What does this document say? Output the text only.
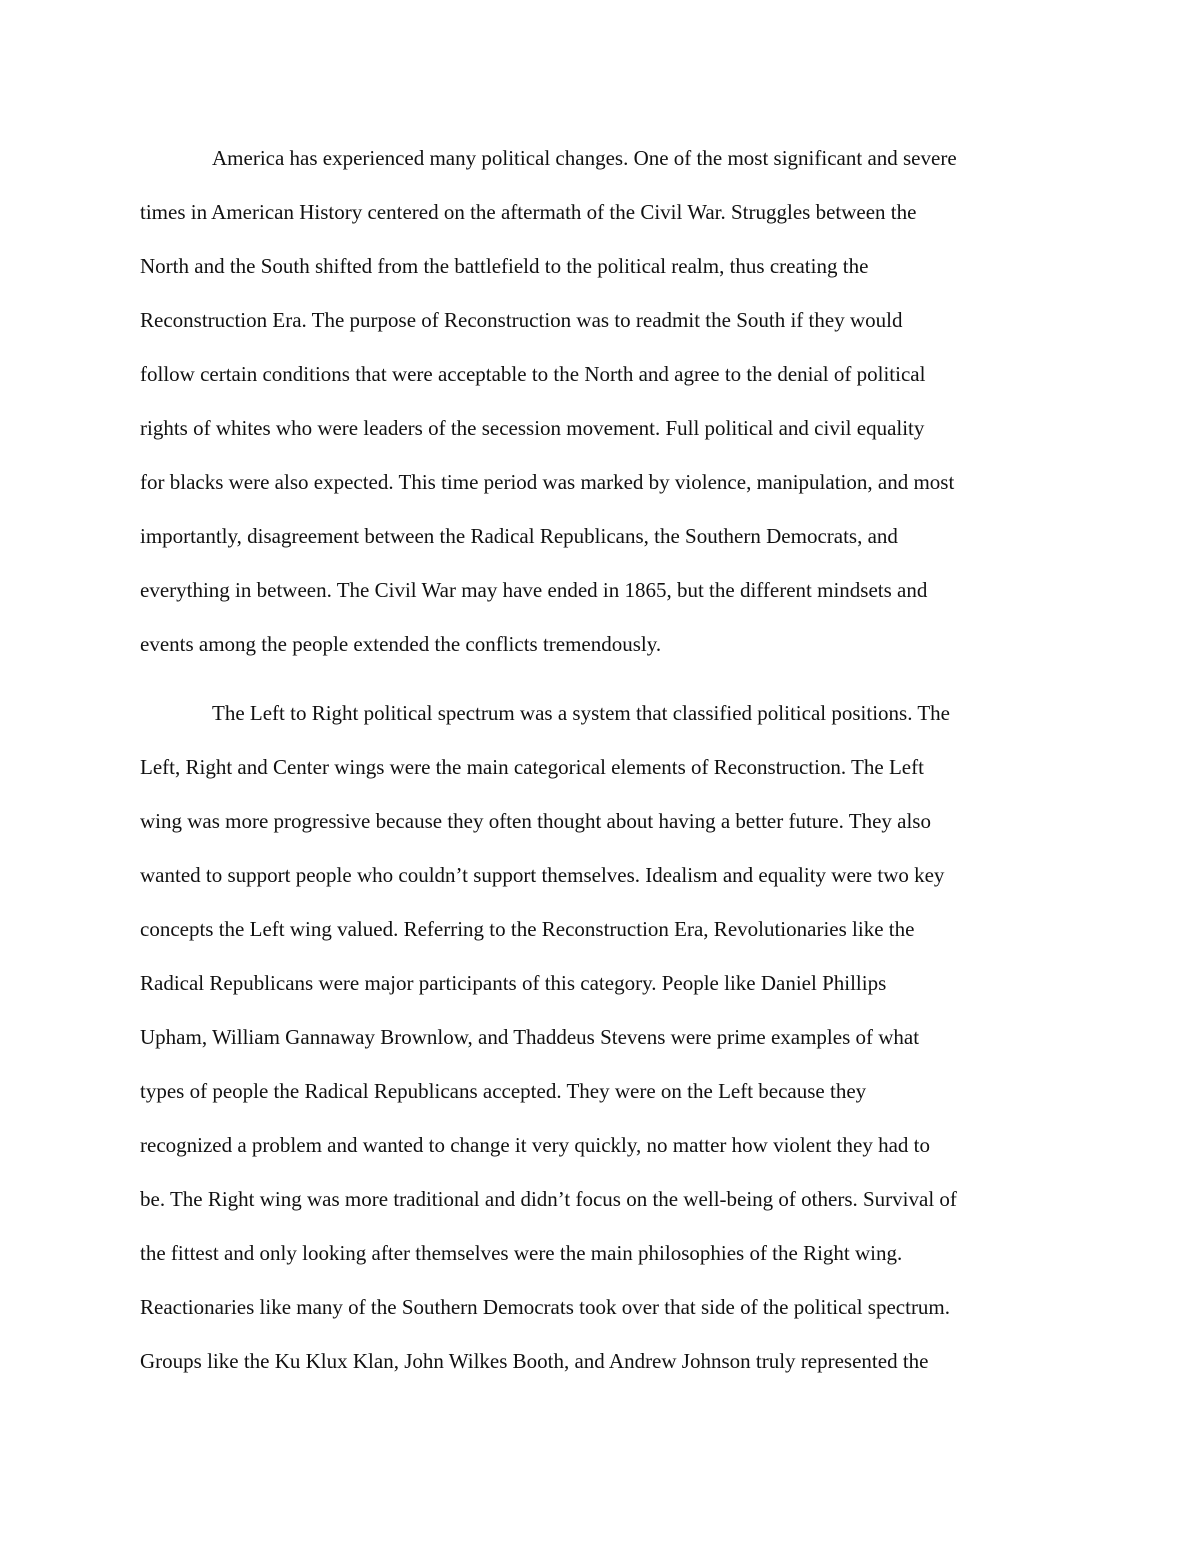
America has experienced many political changes. One of the most significant and severe
times in American History centered on the aftermath of the Civil War. Struggles between the
North and the South shifted from the battlefield to the political realm, thus creating the
Reconstruction Era. The purpose of Reconstruction was to readmit the South if they would
follow certain conditions that were acceptable to the North and agree to the denial of political
rights of whites who were leaders of the secession movement. Full political and civil equality
for blacks were also expected. This time period was marked by violence, manipulation, and most
importantly, disagreement between the Radical Republicans, the Southern Democrats, and
everything in between. The Civil War may have ended in 1865, but the different mindsets and
events among the people extended the conflicts tremendously.
The Left to Right political spectrum was a system that classified political positions. The
Left, Right and Center wings were the main categorical elements of Reconstruction. The Left
wing was more progressive because they often thought about having a better future. They also
wanted to support people who couldn’t support themselves. Idealism and equality were two key
concepts the Left wing valued. Referring to the Reconstruction Era, Revolutionaries like the
Radical Republicans were major participants of this category. People like Daniel Phillips
Upham, William Gannaway Brownlow, and Thaddeus Stevens were prime examples of what
types of people the Radical Republicans accepted. They were on the Left because they
recognized a problem and wanted to change it very quickly, no matter how violent they had to
be. The Right wing was more traditional and didn’t focus on the well-being of others. Survival of
the fittest and only looking after themselves were the main philosophies of the Right wing.
Reactionaries like many of the Southern Democrats took over that side of the political spectrum.
Groups like the Ku Klux Klan, John Wilkes Booth, and Andrew Johnson truly represented the
